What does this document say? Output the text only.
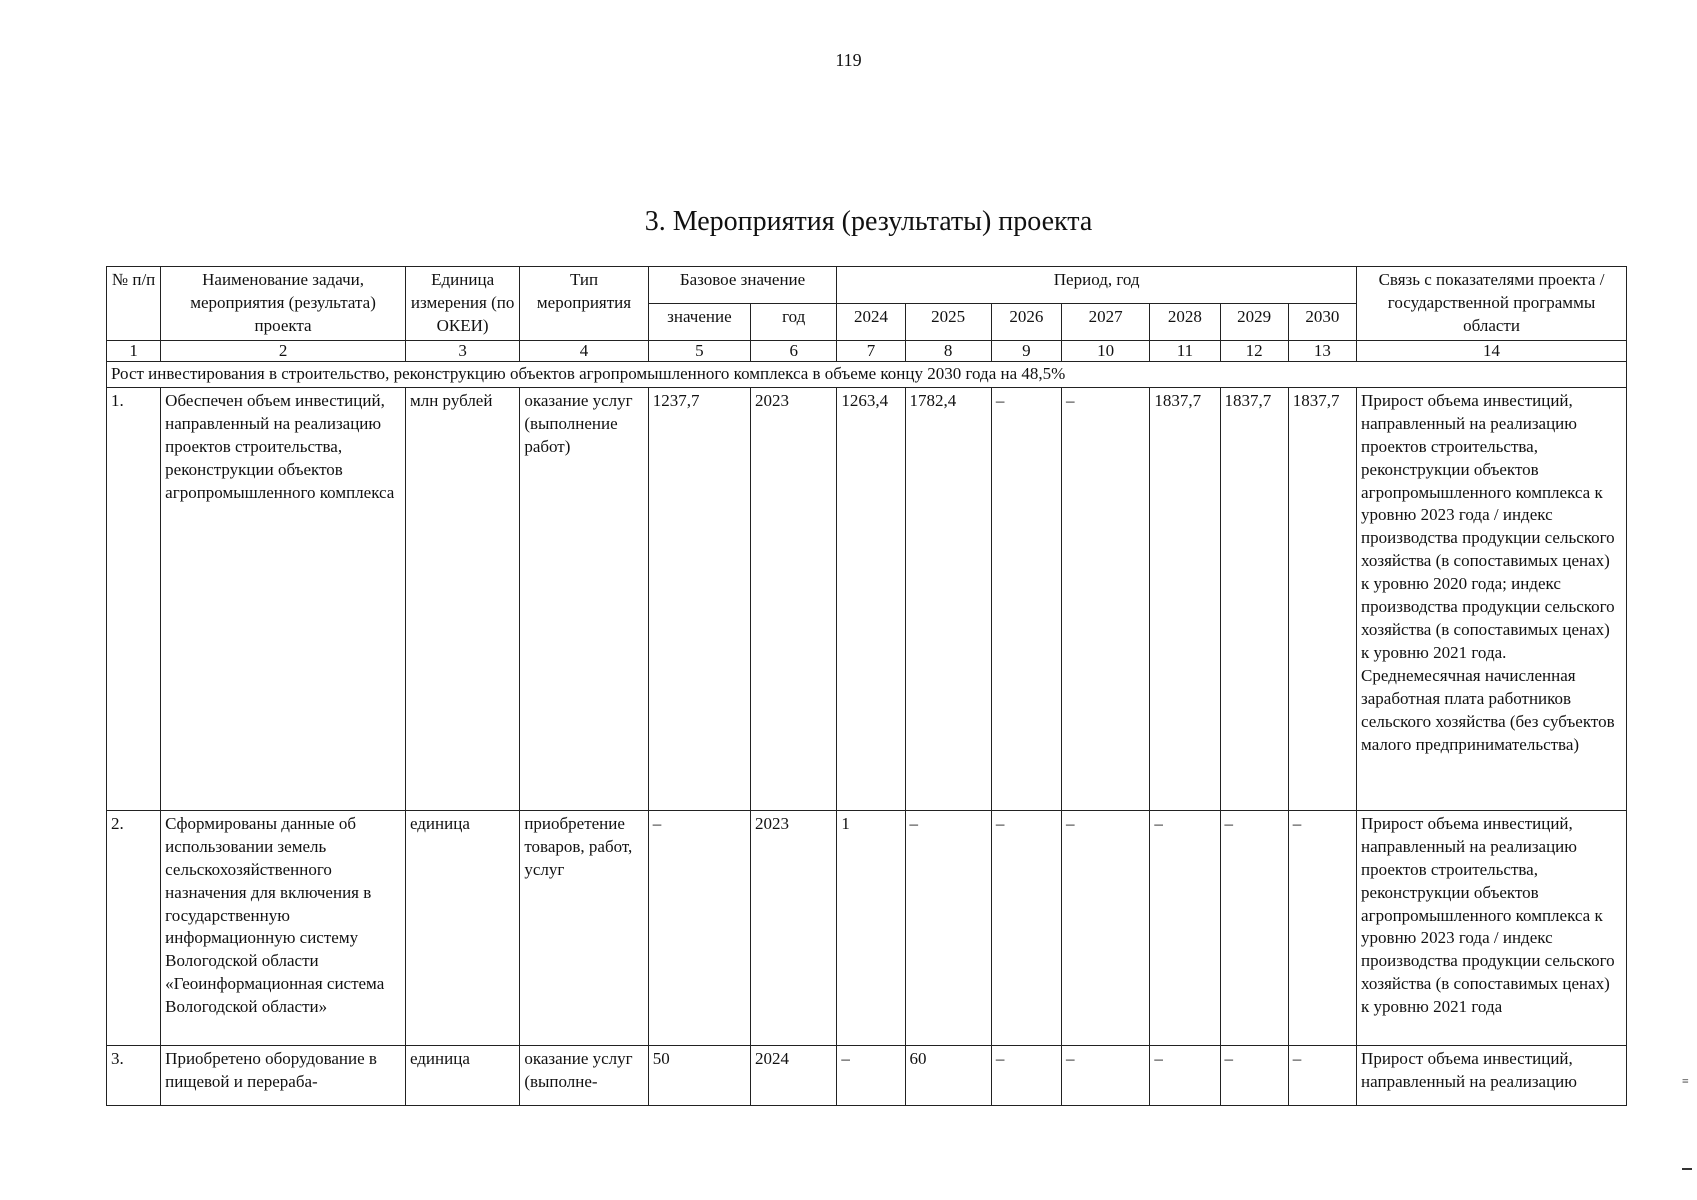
119
3. Мероприятия (результаты) проекта
№ п/п	Наименование задачи, мероприятия (результата) проекта	Единица измерения (по ОКЕИ)	Тип мероприятия	Базовое значение		Период, год							Связь с показателями проекта / государственной программы области
				значение	год	2024	2025	2026	2027	2028	2029	2030	
1	2	3	4	5	6	7	8	9	10	11	12	13	14
Рост инвестирования в строительство, реконструкцию объектов агропромышленного комплекса в объеме концу 2030 года на 48,5%													
1.	Обеспечен объем инвестиций, направленный на реализацию проектов строительства, реконструкции объектов агропромышленного комплекса	млн рублей	оказание услуг (выполнение работ)	1237,7	2023	1263,4	1782,4	–	–	1837,7	1837,7	1837,7	Прирост объема инвестиций, направленный на реализацию проектов строительства, реконструкции объектов агропромышленного комплекса к уровню 2023 года / индекс производства продукции сельского хозяйства (в сопоставимых ценах) к уровню 2020 года; индекс производства продукции сельского хозяйства (в сопоставимых ценах) к уровню 2021 года. Среднемесячная начисленная заработная плата работников сельского хозяйства (без субъектов малого предпринимательства)
2.	Сформированы данные об использовании земель сельскохозяйственного назначения для включения в государственную информационную систему Вологодской области «Геоинформационная система Вологодской области»	единица	приобретение товаров, работ, услуг	–	2023	1	–	–	–	–	–	–	Прирост объема инвестиций, направленный на реализацию проектов строительства, реконструкции объектов агропромышленного комплекса к уровню 2023 года / индекс производства продукции сельского хозяйства (в сопоставимых ценах) к уровню 2021 года
3.	Приобретено оборудование в пищевой и перераба-	единица	оказание услуг (выполне-	50	2024	–	60	–	–	–	–	–	Прирост объема инвестиций, направленный на реализацию	≡
